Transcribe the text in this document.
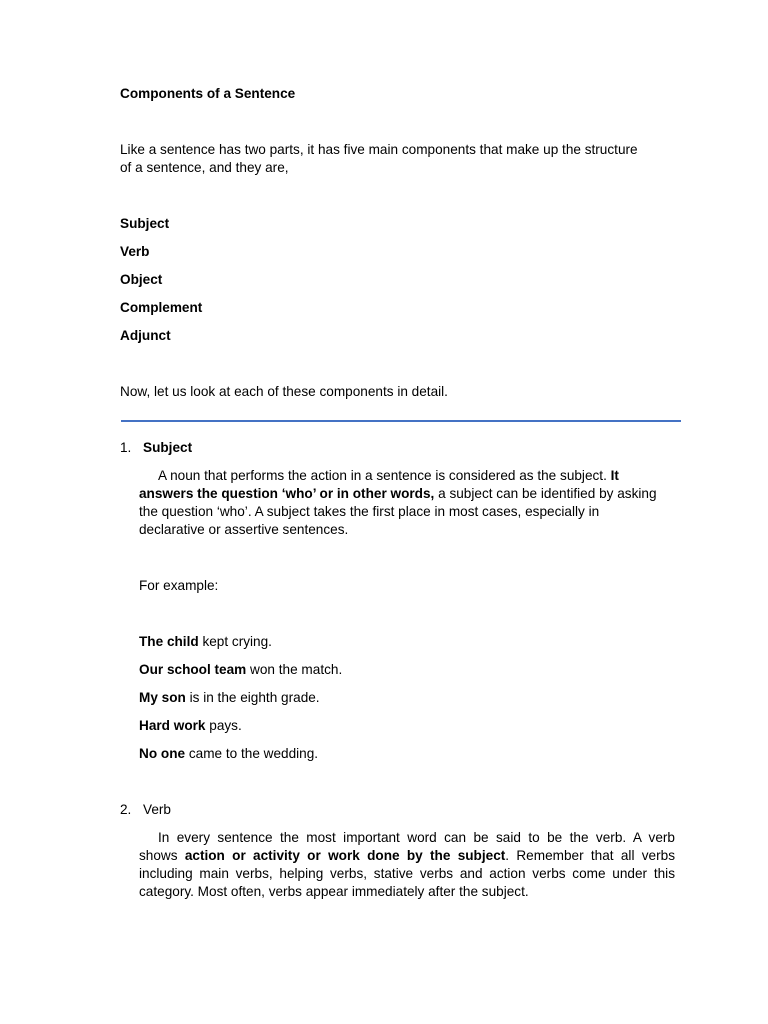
Components of a Sentence
Like a sentence has two parts, it has five main components that make up the structure
of a sentence, and they are,
Subject
Verb
Object
Complement
Adjunct
Now, let us look at each of these components in detail.
1. Subject
A noun that performs the action in a sentence is considered as the subject. It
answers the question ‘who’ or in other words, a subject can be identified by asking
the question ‘who’. A subject takes the first place in most cases, especially in
declarative or assertive sentences.
For example:
The child kept crying.
Our school team won the match.
My son is in the eighth grade.
Hard work pays.
No one came to the wedding.
2. Verb
In every sentence the most important word can be said to be the verb. A verb
shows action or activity or work done by the subject. Remember that all verbs
including main verbs, helping verbs, stative verbs and action verbs come under this
category. Most often, verbs appear immediately after the subject.
